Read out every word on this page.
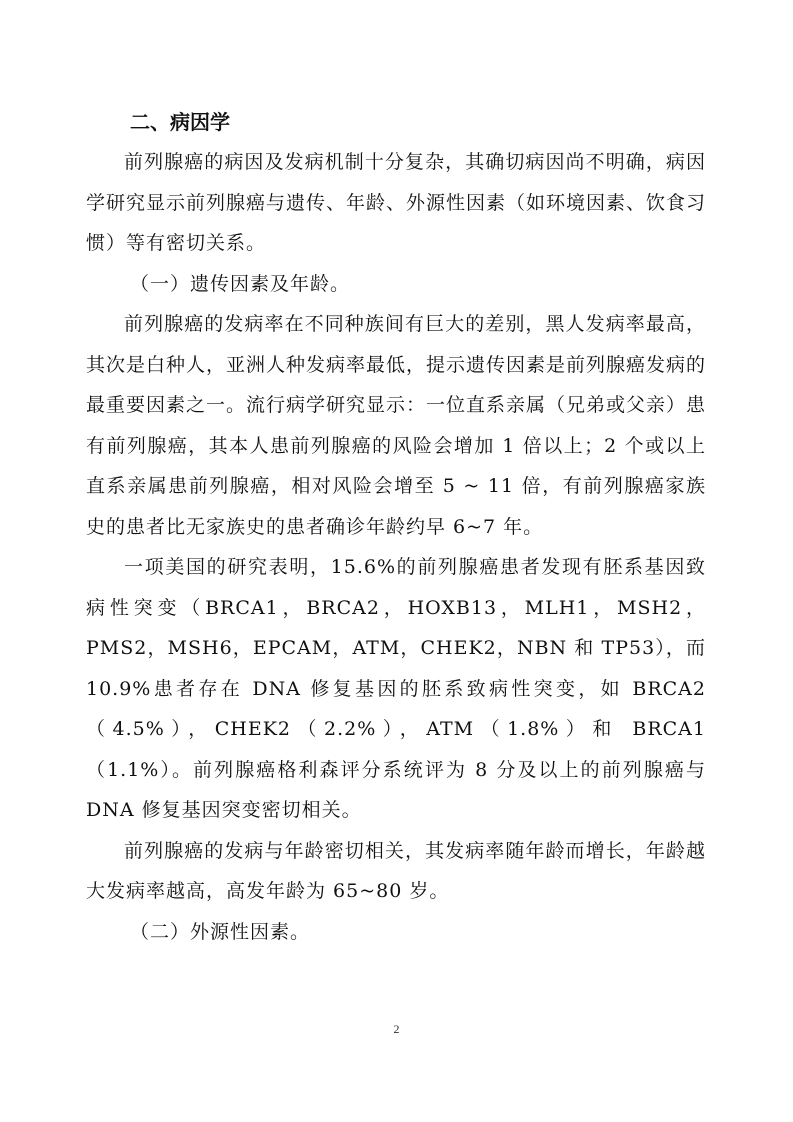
二、病因学

前列腺癌的病因及发病机制十分复杂，其确切病因尚不明确，病因学研究显示前列腺癌与遗传、年龄、外源性因素（如环境因素、饮食习惯）等有密切关系。

（一）遗传因素及年龄。

前列腺癌的发病率在不同种族间有巨大的差别，黑人发病率最高，其次是白种人，亚洲人种发病率最低，提示遗传因素是前列腺癌发病的最重要因素之一。流行病学研究显示：一位直系亲属（兄弟或父亲）患有前列腺癌，其本人患前列腺癌的风险会增加 1 倍以上；2 个或以上直系亲属患前列腺癌，相对风险会增至 5 ~ 11 倍，有前列腺癌家族史的患者比无家族史的患者确诊年龄约早 6~7 年。

一项美国的研究表明，15.6%的前列腺癌患者发现有胚系基因致病性突变（BRCA1，BRCA2，HOXB13，MLH1，MSH2，PMS2，MSH6，EPCAM，ATM，CHEK2，NBN 和 TP53），而 10.9%患者存在 DNA 修复基因的胚系致病性突变，如 BRCA2（4.5%），CHEK2（2.2%），ATM（1.8%）和 BRCA1（1.1%）。前列腺癌格利森评分系统评为 8 分及以上的前列腺癌与 DNA 修复基因突变密切相关。

前列腺癌的发病与年龄密切相关，其发病率随年龄而增长，年龄越大发病率越高，高发年龄为 65~80 岁。

（二）外源性因素。

2
